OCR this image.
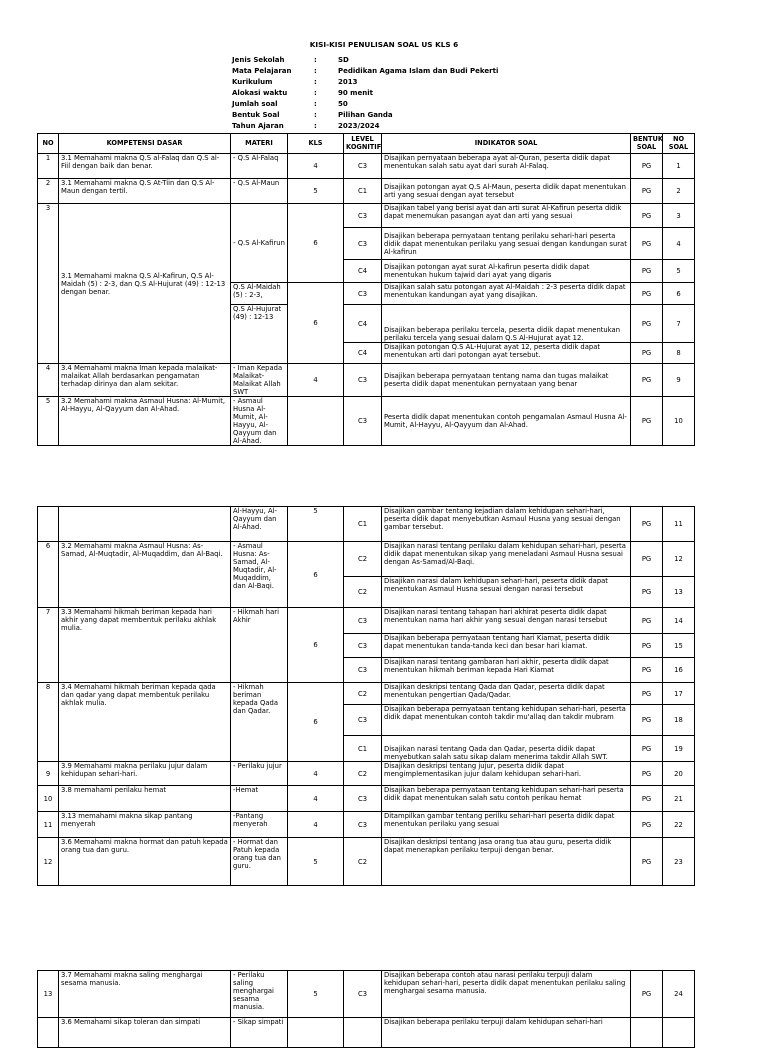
KISI-KISI PENULISAN SOAL US KLS 6
Jenis Sekolah	:	SD
Mata Pelajaran	:	Pedidikan Agama Islam dan Budi Pekerti
Kurikulum	:	2013
Alokasi waktu	:	90 menit
Jumlah soal	:	50
Bentuk Soal	:	Pilihan Ganda
Tahun Ajaran	:	2023/2024
NO	KOMPETENSI DASAR	MATERI	KLS	LEVEL KOGNITIF	INDIKATOR SOAL	BENTUK SOAL	NO SOAL
1	3.1 Memahami makna Q.S al-Falaq dan Q.S al-Fiil dengan baik dan benar.	- Q.S Al-Falaq	4	C3	Disajikan pernyataan beberapa ayat al-Quran, peserta didik dapat menentukan salah satu ayat dari surah Al-Falaq.	PG	1
2	3.1 Memahami makna Q.S At-Tiin dan Q.S Al-Maun dengan tertil.	- Q.S Al-Maun	5	C1	Disajikan potongan ayat Q.S Al-Maun, peserta didik dapat menentukan arti yang sesuai dengan ayat tersebut	PG	2
3	3.1 Memahami makna Q.S Al-Kafirun, Q.S Al-Maidah (5) : 2-3, dan Q.S Al-Hujurat (49) : 12-13 dengan benar.	- Q.S Al-Kafirun	6	C3	Disajikan tabel yang berisi ayat dan arti surat Al-Kafirun peserta didik dapat menemukan pasangan ayat dan arti yang sesuai	PG	3
				C3	Disajikan beberapa pernyataan tentang perilaku sehari-hari peserta didik dapat menentukan perilaku yang sesuai dengan kandungan surat Al-kafirun	PG	4
				C4	Disajikan potongan ayat surat Al-kafirun peserta didik dapat menentukan hukum tajwid dari ayat yang digaris	PG	5
		Q.S Al-Maidah (5) : 2-3,	6	C3	Disajikan salah satu potongan ayat Al-Maidah : 2-3 peserta didik dapat menentukan kandungan ayat yang disajikan.	PG	6
		Q.S Al-Hujurat (49) : 12-13		C4	Disajikan beberapa perilaku tercela, peserta didik dapat menentukan perilaku tercela yang sesuai dalam Q.S Al-Hujurat ayat 12.	PG	7
				C4	Disajikan potongan Q.S AL-Hujurat ayat 12, peserta didik dapat menentukan arti dari potongan ayat tersebut.	PG	8
4	3.4 Memahami makna Iman kepada malaikat-malaikat Allah berdasarkan pengamatan terhadap dirinya dan alam sekitar.	- Iman Kepada Malaikat-Malaikat Allah SWT	4	C3	Disajikan beberapa pernyataan tentang nama dan tugas malaikat peserta didik dapat menentukan pernyataan yang benar	PG	9
5	3.2 Memahami makna Asmaul Husna: Al-Mumit, Al-Hayyu, Al-Qayyum dan Al-Ahad.	- Asmaul Husna Al-Mumit, Al-Hayyu, Al-Qayyum dan Al-Ahad.		C3	Peserta didik dapat menentukan contoh pengamalan Asmaul Husna Al-Mumit, Al-Hayyu, Al-Qayyum dan Al-Ahad.	PG	10
		Al-Hayyu, Al-Qayyum dan Al-Ahad.	5	C1	Disajikan gambar tentang kejadian dalam kehidupan sehari-hari, peserta didik dapat menyebutkan Asmaul Husna yang sesuai dengan gambar tersebut.	PG	11
6	3.2 Memahami makna Asmaul Husna: As-Samad, Al-Muqtadir, Al-Muqaddim, dan Al-Baqi.	- Asmaul Husna: As-Samad, Al-Muqtadir, Al-Muqaddim, dan Al-Baqi.	6	C2	Disajikan narasi tentang perilaku dalam kehidupan sehari-hari, peserta didik dapat menentukan sikap yang meneladani Asmaul Husna sesuai dengan As-Samad/Al-Baqi.	PG	12
				C2	Disajikan narasi dalam kehidupan sehari-hari, peserta didik dapat menentukan Asmaul Husna sesuai dengan narasi tersebut	PG	13
7	3.3 Memahami hikmah beriman kepada hari akhir yang dapat membentuk perilaku akhlak mulia.	- Hikmah hari Akhir	6	C3	Disajikan narasi tentang tahapan hari akhirat peserta didik dapat menentukan nama hari akhir yang sesuai dengan narasi tersebut	PG	14
				C3	Disajikan beberapa pernyataan tentang hari Kiamat, peserta didik dapat menentukan tanda-tanda keci dan besar hari kiamat.	PG	15
				C3	Disajikan narasi tentang gambaran hari akhir, peserta didik dapat menentukan hikmah beriman kepada Hari Kiamat	PG	16
8	3.4 Memahami hikmah beriman kepada qada dan qadar yang dapat membentuk perilaku akhlak mulia.	- Hikmah beriman kepada Qada dan Qadar.	6	C2	Disajikan deskripsi tentang Qada dan Qadar, peserta didik dapat menentukan pengertian Qada/Qadar.	PG	17
				C3	Disajikan beberapa pernyataan tentang kehidupan sehari-hari, peserta didik dapat menentukan contoh takdir mu'allaq dan takdir mubram	PG	18
				C1	Disajikan narasi tentang Qada dan Qadar, peserta didik dapat menyebutkan salah satu sikap dalam menerima takdir Allah SWT.	PG	19
9	3.9 Memahami makna perilaku jujur dalam kehidupan sehari-hari.	- Perilaku jujur	4	C2	Disajikan deskripsi tentang jujur, peserta didik dapat mengimplementasikan jujur dalam kehidupan sehari-hari.	PG	20
10	3.8 memahami perilaku hemat	-Hemat	4	C3	Disajikan beberapa pernyataan tentang kehidupan sehari-hari peserta didik dapat menentukan salah satu contoh perikau hemat	PG	21
11	3.13 memahami makna sikap pantang menyerah	-Pantang menyerah	4	C3	Ditampilkan gambar tentang perilku sehari-hari peserta didik dapat menentukan perilaku yang sesuai	PG	22
12	3.6 Memahami makna hormat dan patuh kepada orang tua dan guru.	- Hormat dan Patuh kepada orang tua dan guru.	5	C2	Disajikan deskripsi tentang jasa orang tua atau guru, peserta didik dapat menerapkan perilaku terpuji dengan benar.	PG	23
13	3.7 Memahami makna saling menghargai sesama manusia.	- Perilaku saling menghargai sesama manusia.	5	C3	Disajikan beberapa contoh atau narasi perilaku terpuji dalam kehidupan sehari-hari, peserta didik dapat menentukan perilaku saling menghargai sesama manusia.	PG	24
	3.6 Memahami sikap toleran dan simpati	- Sikap simpati			Disajikan beberapa perilaku terpuji dalam kehidupan sehari-hari		
